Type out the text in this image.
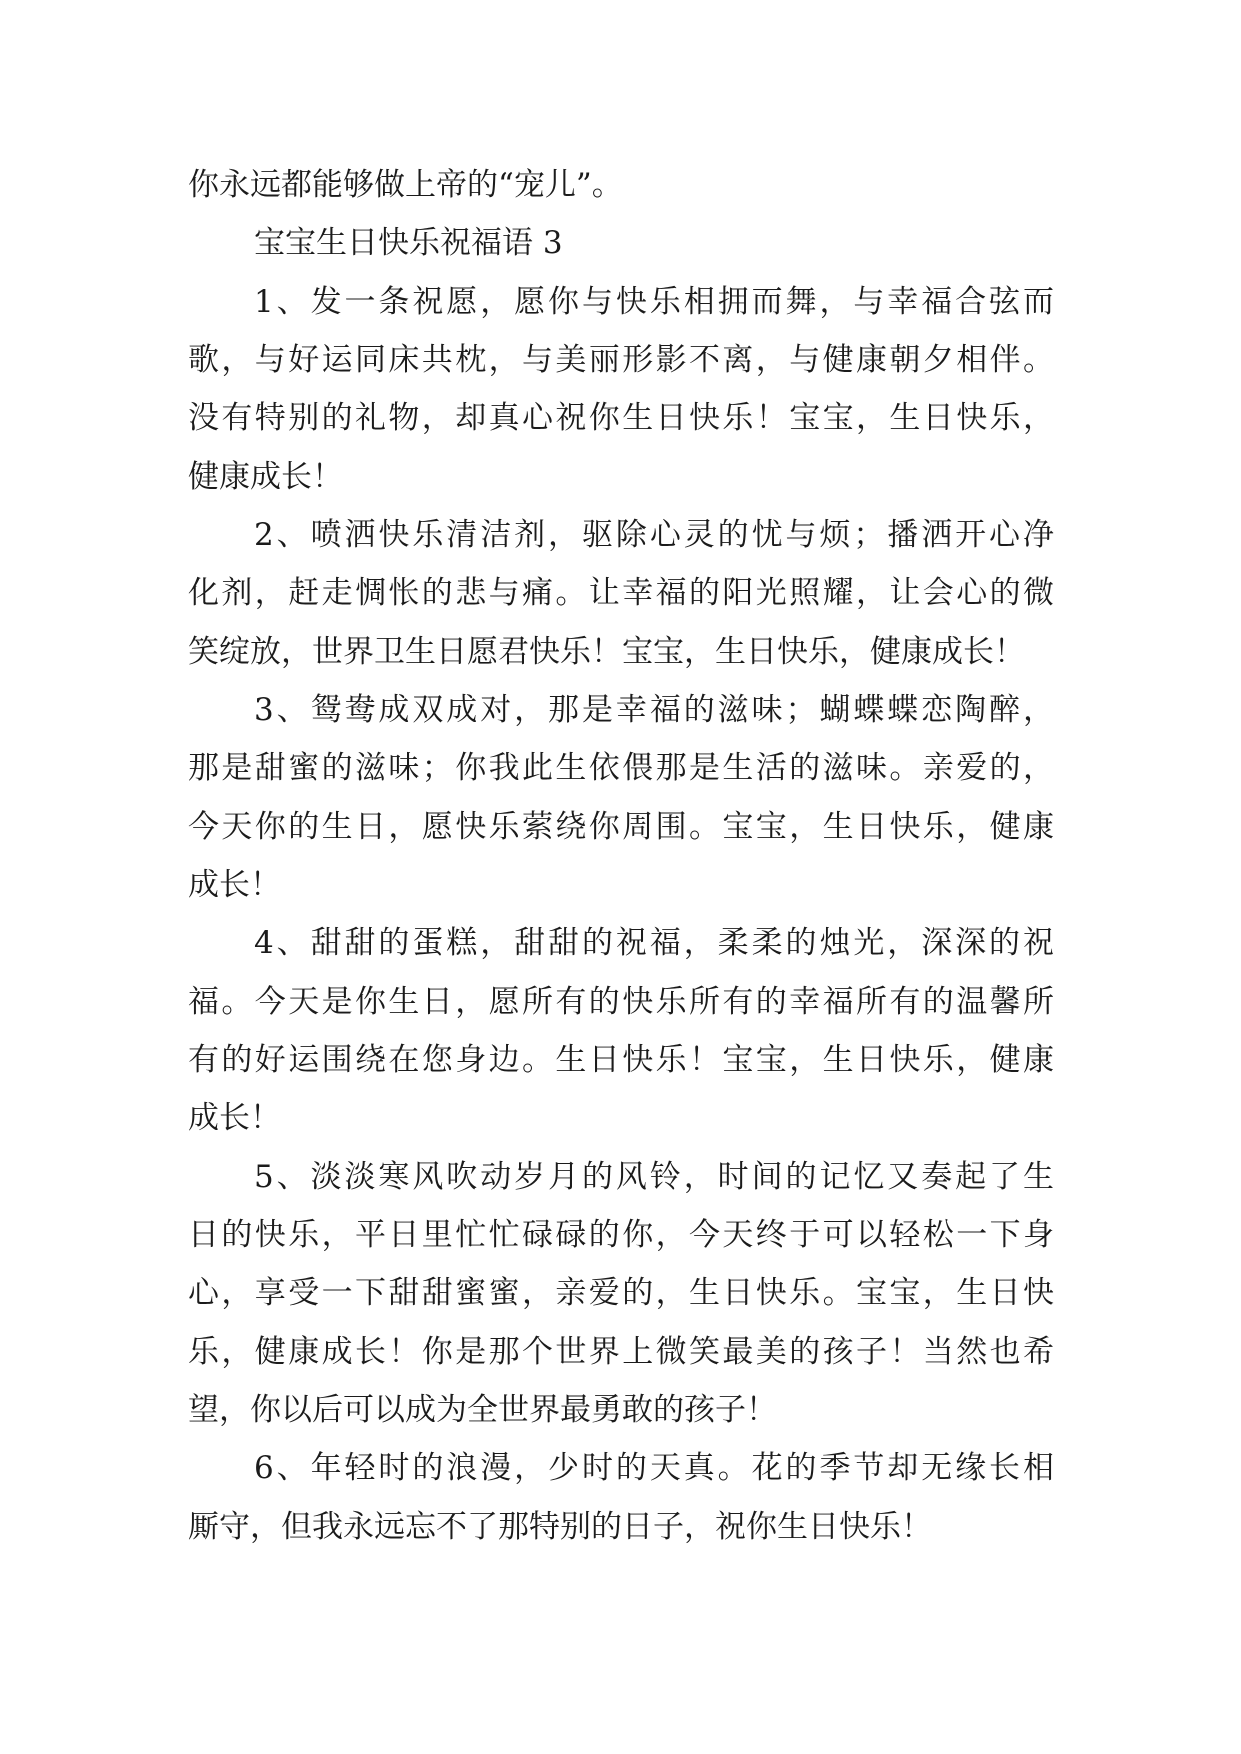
你永远都能够做上帝的“宠儿”。
宝宝生日快乐祝福语 3
1、发一条祝愿，愿你与快乐相拥而舞，与幸福合弦而
歌，与好运同床共枕，与美丽形影不离，与健康朝夕相伴。
没有特别的礼物，却真心祝你生日快乐！宝宝，生日快乐，
健康成长！
2、喷洒快乐清洁剂，驱除心灵的忧与烦；播洒开心净
化剂，赶走惆怅的悲与痛。让幸福的阳光照耀，让会心的微
笑绽放，世界卫生日愿君快乐！宝宝，生日快乐，健康成长！
3、鸳鸯成双成对，那是幸福的滋味；蝴蝶蝶恋陶醉，
那是甜蜜的滋味；你我此生依偎那是生活的滋味。亲爱的，
今天你的生日，愿快乐萦绕你周围。宝宝，生日快乐，健康
成长！
4、甜甜的蛋糕，甜甜的祝福，柔柔的烛光，深深的祝
福。今天是你生日，愿所有的快乐所有的幸福所有的温馨所
有的好运围绕在您身边。生日快乐！宝宝，生日快乐，健康
成长！
5、淡淡寒风吹动岁月的风铃，时间的记忆又奏起了生
日的快乐，平日里忙忙碌碌的你，今天终于可以轻松一下身
心，享受一下甜甜蜜蜜，亲爱的，生日快乐。宝宝，生日快
乐，健康成长！你是那个世界上微笑最美的孩子！当然也希
望，你以后可以成为全世界最勇敢的孩子！
6、年轻时的浪漫，少时的天真。花的季节却无缘长相
厮守，但我永远忘不了那特别的日子，祝你生日快乐！
